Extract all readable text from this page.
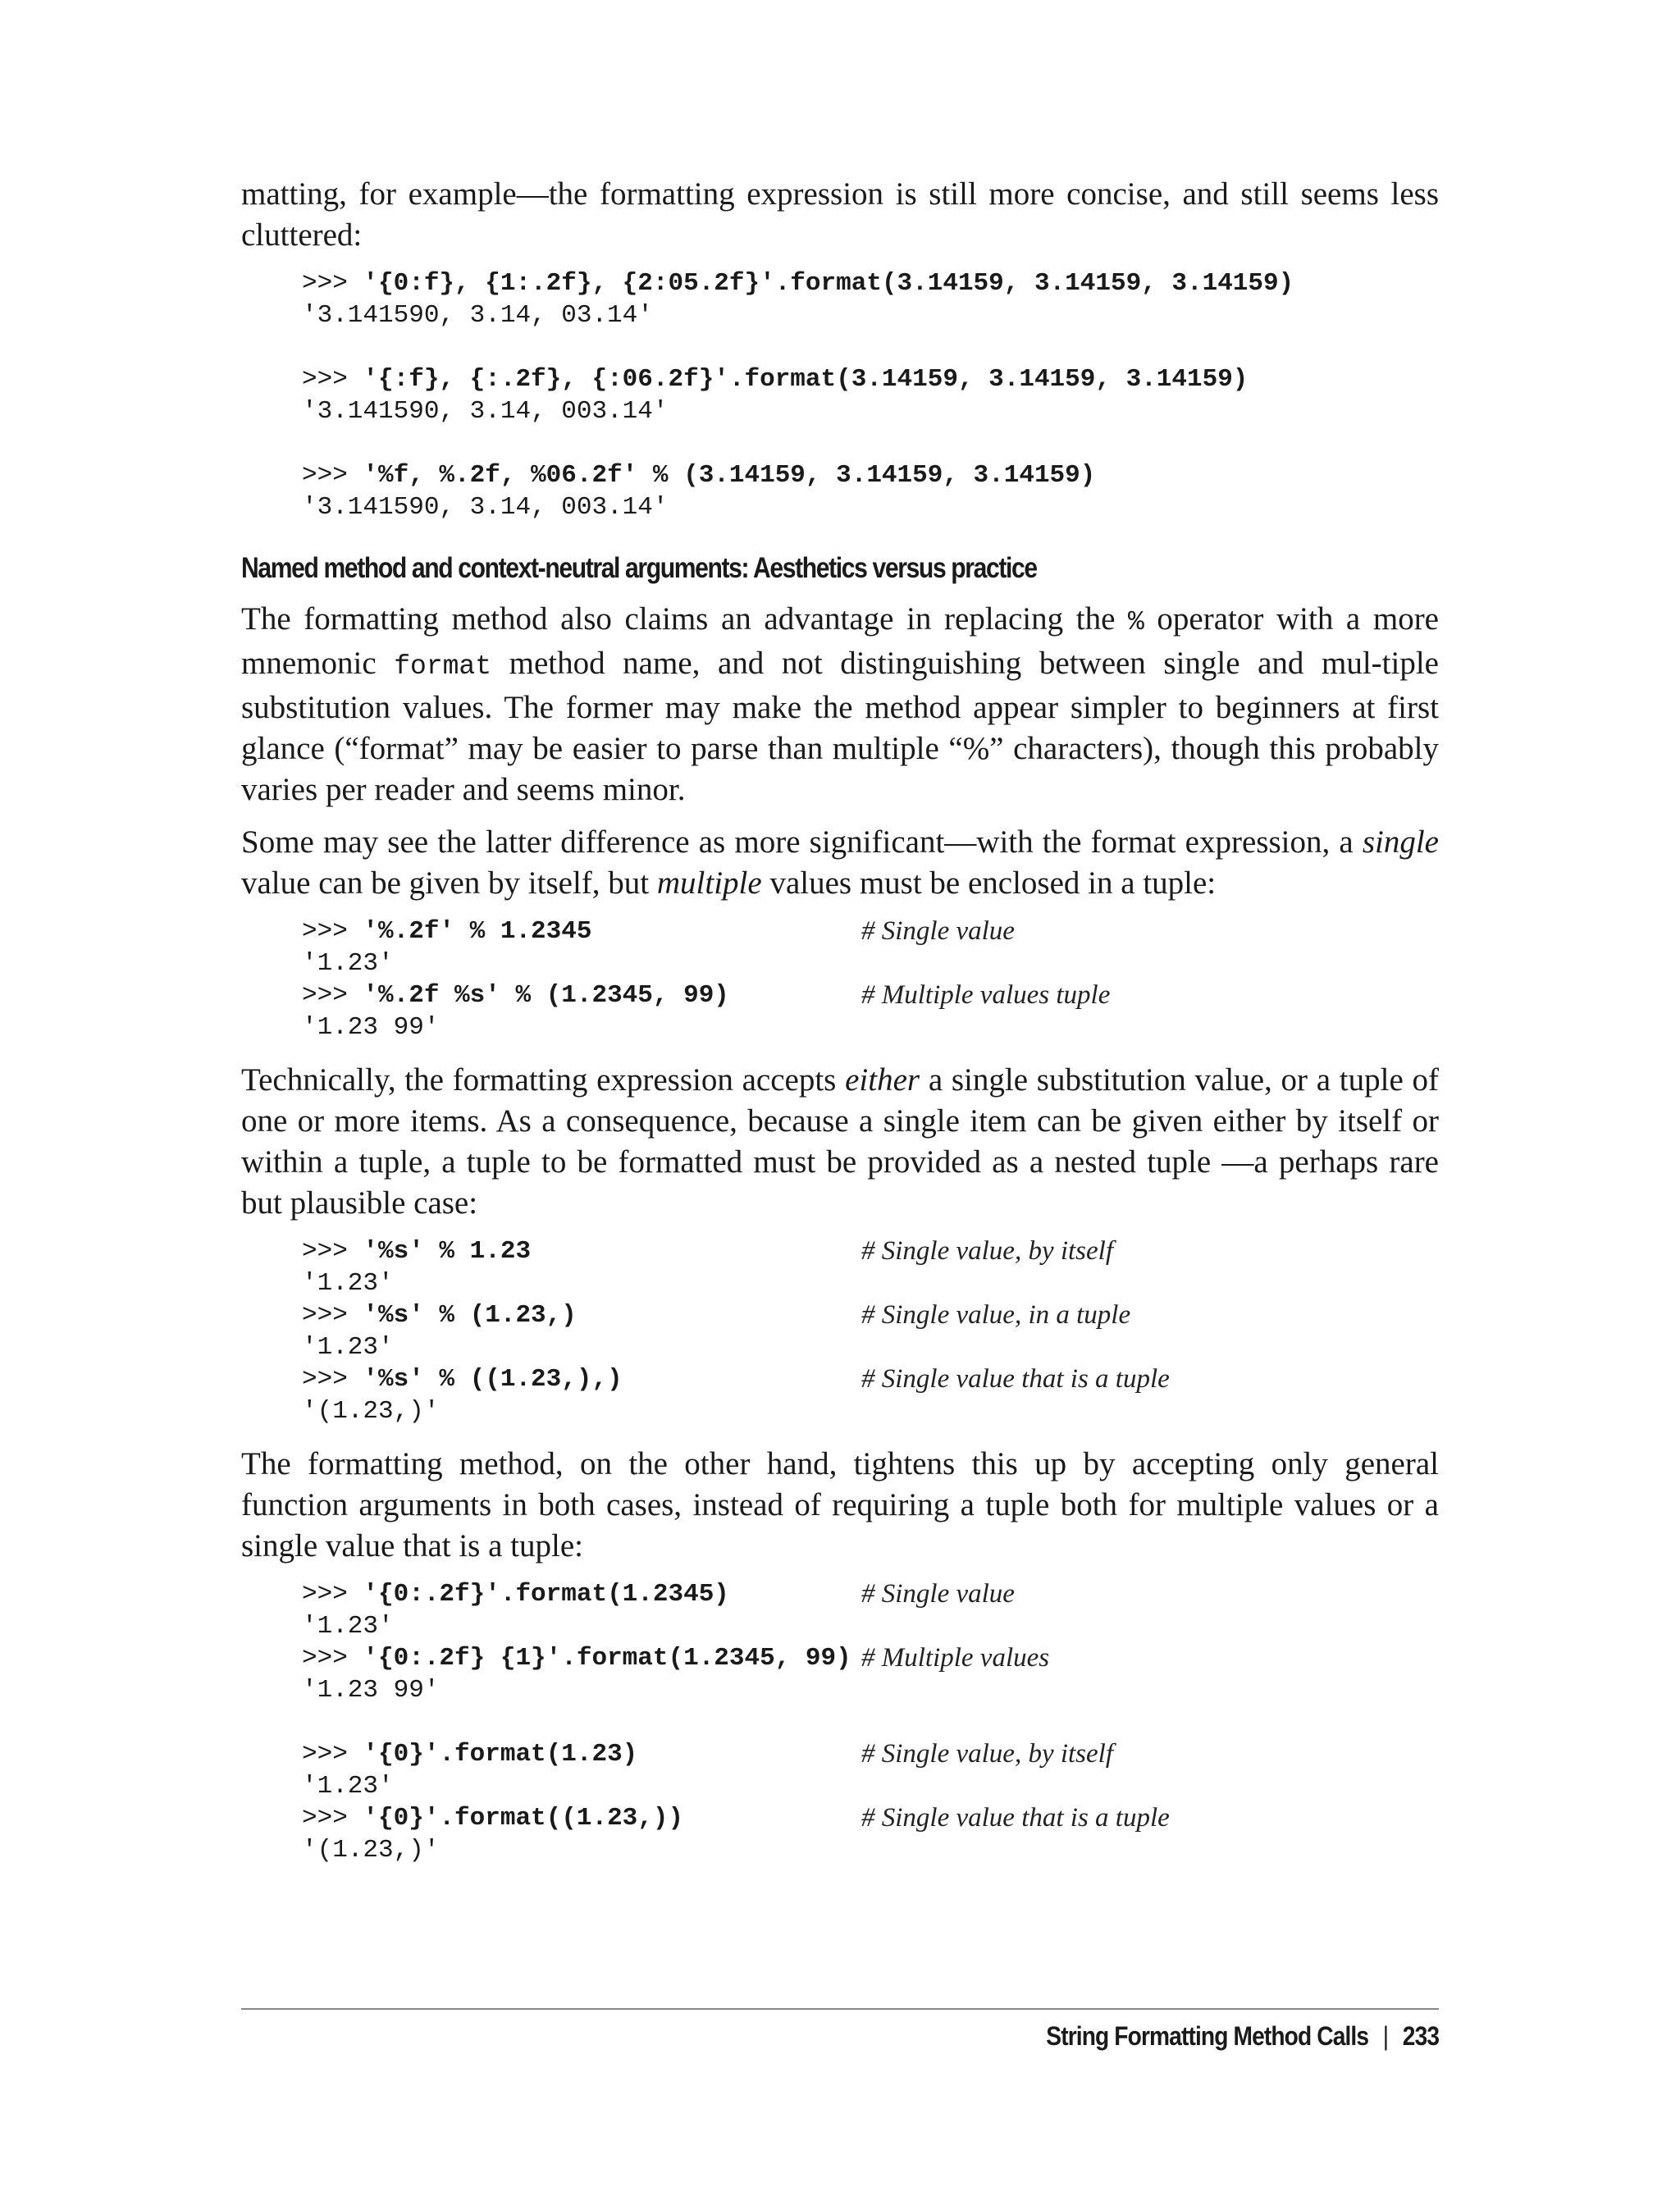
matting, for example—the formatting expression is still more concise, and still seems less cluttered:

>>> '{0:f}, {1:.2f}, {2:05.2f}'.format(3.14159, 3.14159, 3.14159)
'3.141590, 3.14, 03.14'
>>> '{:f}, {:.2f}, {:06.2f}'.format(3.14159, 3.14159, 3.14159)
'3.141590, 3.14, 003.14'
>>> '%f, %.2f, %06.2f' % (3.14159, 3.14159, 3.14159)
'3.141590, 3.14, 003.14'
Named method and context-neutral arguments: Aesthetics versus practice

The formatting method also claims an advantage in replacing the % operator with a more mnemonic format method name, and not distinguishing between single and mul-tiple substitution values. The former may make the method appear simpler to beginners at first glance (“format” may be easier to parse than multiple “%” characters), though this probably varies per reader and seems minor.

Some may see the latter difference as more significant—with the format expression, a single value can be given by itself, but multiple values must be enclosed in a tuple:

>>> '%.2f' % 1.2345	# Single value
'1.23'
>>> '%.2f %s' % (1.2345, 99)	# Multiple values tuple
'1.23 99'

Technically, the formatting expression accepts either a single substitution value, or a tuple of one or more items. As a consequence, because a single item can be given either by itself or within a tuple, a tuple to be formatted must be provided as a nested tuple —a perhaps rare but plausible case:

>>> '%s' % 1.23	# Single value, by itself
'1.23'
>>> '%s' % (1.23,)	# Single value, in a tuple
'1.23'
>>> '%s' % ((1.23,),)	# Single value that is a tuple
'(1.23,)'

The formatting method, on the other hand, tightens this up by accepting only general function arguments in both cases, instead of requiring a tuple both for multiple values or a single value that is a tuple:

>>> '{0:.2f}'.format(1.2345)	# Single value
'1.23'
>>> '{0:.2f} {1}'.format(1.2345, 99) # Multiple values
'1.23 99'
>>> '{0}'.format(1.23)	# Single value, by itself
'1.23'
>>> '{0}'.format((1.23,))	# Single value that is a tuple
'(1.23,)'
String Formatting Method Calls | 233
